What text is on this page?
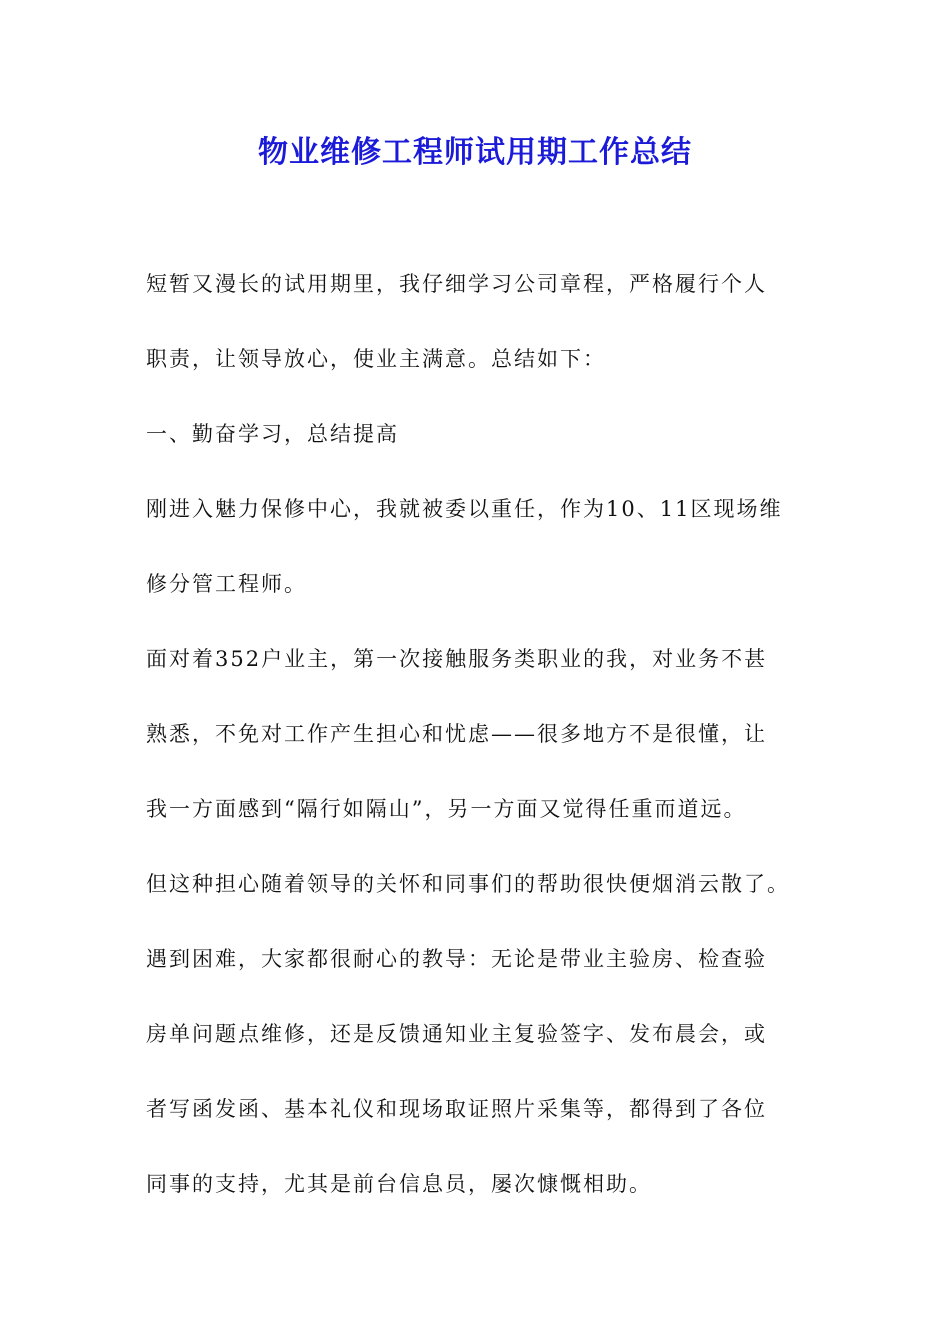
物业维修工程师试用期工作总结

短暂又漫长的试用期里，我仔细学习公司章程，严格履行个人

职责，让领导放心，使业主满意。总结如下：

一、勤奋学习，总结提高

刚进入魅力保修中心，我就被委以重任，作为10、11区现场维

修分管工程师。

面对着352户业主，第一次接触服务类职业的我，对业务不甚

熟悉，不免对工作产生担心和忧虑——很多地方不是很懂，让

我一方面感到“隔行如隔山”，另一方面又觉得任重而道远。

但这种担心随着领导的关怀和同事们的帮助很快便烟消云散了。

遇到困难，大家都很耐心的教导：无论是带业主验房、检查验

房单问题点维修，还是反馈通知业主复验签字、发布晨会，或

者写函发函、基本礼仪和现场取证照片采集等，都得到了各位

同事的支持，尤其是前台信息员，屡次慷慨相助。
